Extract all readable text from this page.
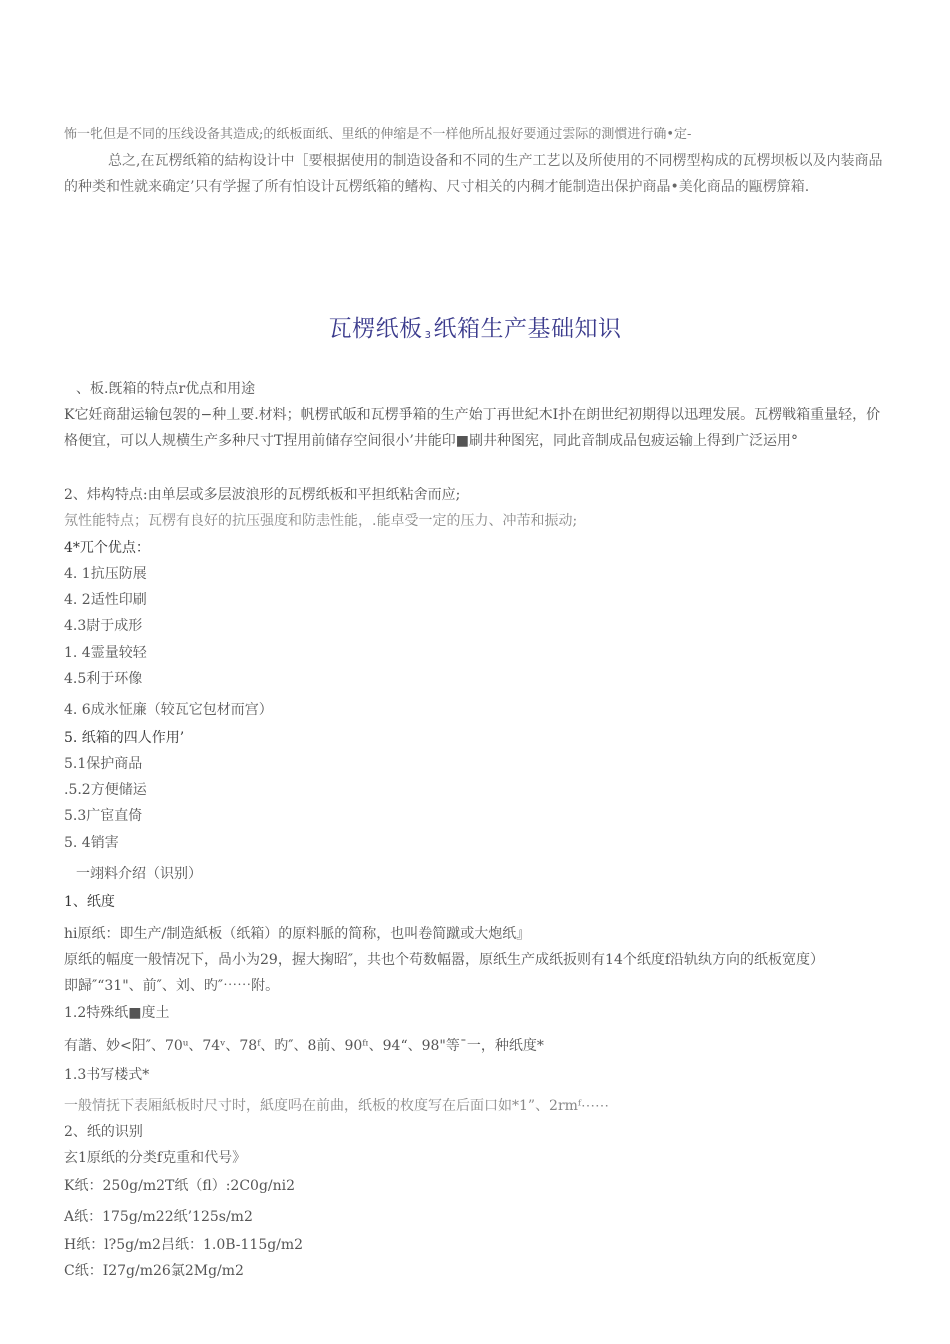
怖一牝但是不同的压线设备其造成;的纸板面纸、里纸的伸缩是不一样他所乩报好要通过雲际的測慣进行确•定-
总之,在瓦楞纸箱的結构设计中［要根据使用的制造设备和不同的生产工艺以及所使用的不同楞型构成的瓦楞坝板以及内装商品的种类和性就来确定’只有学握了所有怕设计瓦楞纸箱的鳍构、尺寸相关的内稠才能制造出保护商晶•美化商品的甌楞箳箱.
瓦楞纸板 $_3$纸箱生产基础知识
、板.旣箱的特点r优点和用途
K它妊商甜运输包袈的−种丄要.材料；帆楞甙皈和瓦楞爭箱的生产始丁再世紀木I扑在朗世纪初期得以迅理发展。瓦楞戦箱重量轻，价格便宜，可以人规横生产多种尺寸T捏用前储存空间很小’井能印■刷井种图宪，同此音制成品包疲运输上得到广泛运用°
2、炜构特点:由单层或多层波浪形的瓦楞纸板和平担纸粘舍而应;
氖性能特点；瓦楞有良好的抗压强度和防恚性能，.能卓受一定的压力、冲芾和振动;
4*兀个优点：
4. 1抗压防展
4. 2适性印刷
4.3尉于成形
1. 4霊量较轻
4.5利于环像
4. 6成氷怔廉（较瓦它包材而宫）
5. 纸箱的四人作用’
5.1保护商品
.5.2方便储运
5.3广宦直倚
5. 4销害
一翊料介绍（识别）
1、纸度
hi原纸：即生产/制造紙板（纸箱）的原料脈的简称，也叫卷简蹴或大炮纸』
原纸的幅度一般情况下，咼小为29，握大掬昭″，共也个苟数幅嚣，原纸生产成纸扳则有14个纸度f沿轨纨方向的纸板宽度）
即歸″“31"、前″、刘、旳″⋯⋯附。
1.2特殊纸■度土
有諧、妙<阳″、70ᵘ、74ᵛ、78ᶠ、旳″、8前、90ᶠᶦ、94“、98"等ˉ一，种纸度*
1.3书写楼式*
一般情抚下表厢紙板时尺寸时，紙度吗在前曲，纸板的枚度写在后面口如*1”、2rmᶠ⋯⋯
2、纸的识别
玄1原纸的分类f克重和代号》
K纸：250g/m2T纸（fl）:2C0g/ni2
A纸：175g/m22纸’125s/m2
H纸：l?5g/m2吕纸：1.0B-115g/m2
C纸：I27g/m26氯2Mg/m2
